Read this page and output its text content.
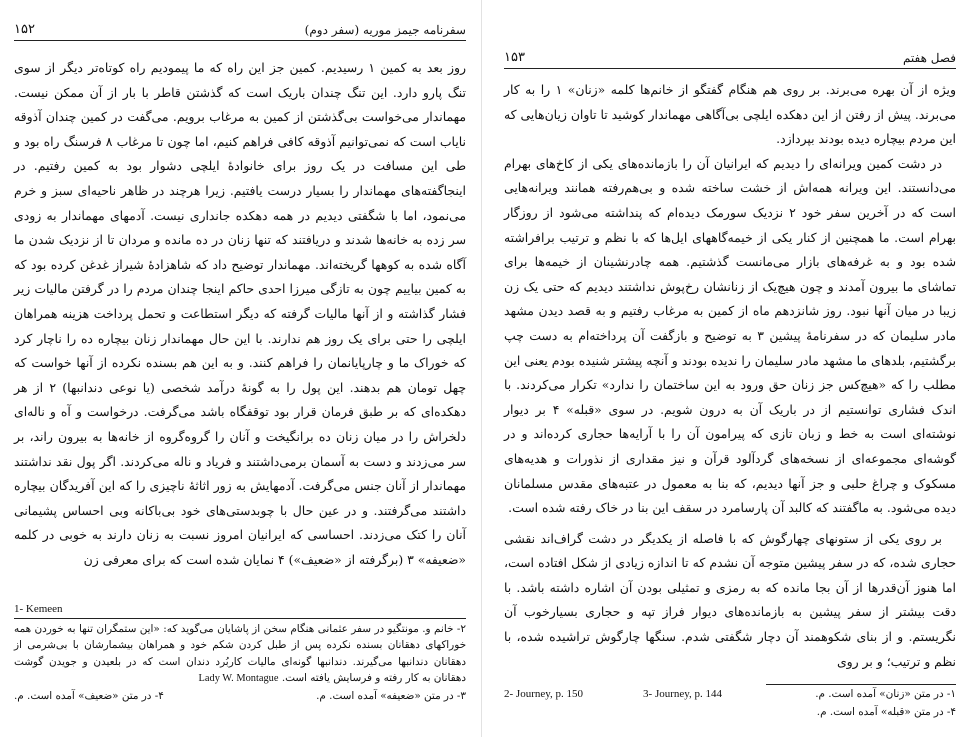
۱۵۲	سفرنامه جیمز موریه (سفر دوم)

روز بعد به کمین ۱ رسیدیم. کمین جز این راه که ما پیمودیم راه کوتاه‌تر دیگر از سوی تنگ پارو دارد. این تنگ چندان باریک است که گذشتن قاطر با بار از آن ممکن نیست. مهماندار می‌خواست بی‌گذشتن از کمین به مرغاب برویم. می‌گفت در کمین چندان آذوقه نایاب است که نمی‌توانیم آذوقه کافی فراهم کنیم، اما چون تا مرغاب ۸ فرسنگ راه بود و طی این مسافت در یک روز برای خانوادهٔ ایلچی دشوار بود به کمین رفتیم. در اینجاگفته‌های مهماندار را بسیار درست یافتیم. زیرا هرچند در ظاهر ناحیه‌ای سبز و خرم می‌نمود، اما با شگفتی دیدیم در همه دهکده جانداری نیست. آدمهای مهماندار به زودی سر زده به خانه‌ها شدند و دریافتند که تنها زنان در ده مانده و مردان تا از نزدیک شدن ما آگاه شده به کوهها گریخته‌اند. مهماندار توضیح داد که شاهزادهٔ شیراز غدغن کرده بود که به کمین بیاییم چون به تازگی میرزا احدی حاکم اینجا چندان مردم را در گرفتن مالیات زیر فشار گذاشته و از آنها مالیات گرفته که دیگر استطاعت و تحمل پرداخت هزینه همراهان ایلچی را حتی برای یک روز هم ندارند. با این حال مهماندار زنان بیچاره ده را ناچار کرد که خوراک ما و چارپایانمان را فراهم کنند. و به این هم بسنده نکرده از آنها خواست که چهل تومان هم بدهند. این پول را به گونهٔ درآمد شخصی (یا نوعی دندانبها) ۲ از هر دهکده‌ای که بر طبق فرمان قرار بود توقفگاه باشد می‌گرفت. درخواست و آه و ناله‌ای دلخراش را در میان زنان ده برانگیخت و آنان را گروه‌گروه از خانه‌ها به بیرون راند، بر سر می‌زدند و دست به آسمان برمی‌داشتند و فریاد و ناله می‌کردند. اگر پول نقد نداشتند مهماندار از آنان جنس می‌گرفت. آدمهایش به زور اثاثهٔ ناچیزی را که این آفریدگان بیچاره داشتند می‌گرفتند. و در عین حال با چوبدستی‌های خود بی‌باکانه وبی احساس پشیمانی آنان را کتک می‌زدند. احساسی که ایرانیان امروز نسبت به زنان دارند به خوبی در کلمه «ضعیفه» ۳ (برگرفته از «ضعیف») ۴ نمایان شده است که برای معرفی زن

1- Kemeen
۲- خانم و. مونتگیو در سفر عثمانی هنگام سخن از پاشایان می‌گوید که: «این ستمگران تنها به خوردن همه خوراکهای دهقانان بسنده نکرده پس از طبل کردن شکم خود و همراهان بیشمارشان با بی‌شرمی از دهقانان دندانبها می‌گیرند. دندانبها گونه‌ای مالیات کاربُرد دندان است که در بلعیدن و جویدن گوشت دهقانان به کار رفته و فرسایش یافته است. Lady W. Montague
۳- در متن «ضعیفه» آمده است. م.
۴- در متن «ضعیف» آمده است. م.
۱۵۳	فصل هفتم

ویژه از آن بهره می‌برند. بر روی هم هنگام گفتگو از خانم‌ها کلمه «زنان» ۱ را به کار می‌برند. پیش از رفتن از این دهکده ایلچی بی‌آگاهی مهماندار کوشید تا تاوان زیان‌هایی که این مردم بیچاره دیده بودند بپردازد.

در دشت کمین ویرانه‌ای را دیدیم که ایرانیان آن را بازمانده‌های یکی از کاخ‌های بهرام می‌دانستند. این ویرانه همه‌اش از خشت ساخته شده و بی‌هم‌رفته همانند ویرانه‌هایی است که در آخرین سفر خود ۲ نزدیک سورمک دیده‌ام که پنداشته می‌شود از روزگار بهرام است. ما همچنین از کنار یکی از خیمه‌گاههای ایل‌ها که با نظم و ترتیب برافراشته شده بود و به غرفه‌های بازار می‌مانست گذشتیم. همه چادرنشینان از خیمه‌ها برای تماشای ما بیرون آمدند و چون هیچ‌یک از زنانشان رخ‌پوش نداشتند دیدیم که حتی یک زن زیبا در میان آنها نبود. روز شانزدهم ماه از کمین به مرغاب رفتیم و به قصد دیدن مشهد مادر سلیمان که در سفرنامهٔ پیشین ۳ به توضیح و بازگفت آن پرداخته‌ام به دست چپ برگشتیم، بلدهای ما مشهد مادر سلیمان را ندیده بودند و آنچه پیشتر شنیده بودم یعنی این مطلب را که «هیچ‌کس جز زنان حق ورود به این ساختمان را ندارد» تکرار می‌کردند. با اندک فشاری توانستیم از در باریک آن به درون شویم. در سوی «قبله» ۴ بر دیوار نوشته‌ای است به خط و زبان تازی که پیرامون آن را با آرایه‌ها حجاری کرده‌اند و در گوشه‌ای مجموعه‌ای از نسخه‌های گردآلود قرآن و نیز مقداری از نذورات و هدیه‌های مسکوک و چراغ حلبی و جز آنها دیدیم، که بنا به معمول در عتبه‌های مقدس مسلمانان دیده می‌شود. به ماگفتند که کالبد آن پارسامرد در سقف این بنا در خاک رفته شده است.

بر روی یکی از ستونهای چهارگوش که با فاصله از یکدیگر در دشت گراف‌اند نقشی حجاری شده، که در سفر پیشین متوجه آن نشدم که تا اندازه زیادی از شکل افتاده است، اما هنوز آن‌قدرها از آن بجا مانده که به رمزی و تمثیلی بودن آن اشاره داشته باشد. با دقت بیشتر از سفر پیشین به بازمانده‌های دیوار فراز تپه و حجاری بسیارخوب آن نگریستم. و از بنای شکوهمند آن دچار شگفتی شدم. سنگها چارگوش تراشیده شده، با نظم و ترتیب؛ و بر روی

۱- در متن «زنان» آمده است. م.
2- Journey, p. 150	3- Journey, p. 144
۴- در متن «قبله» آمده است. م.
